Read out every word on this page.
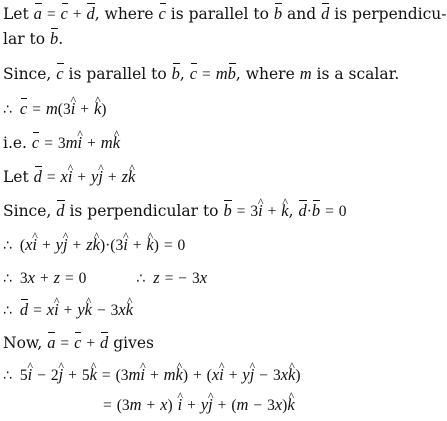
Let a = c + d, where c is parallel to b and d is perpendicu-
lar to b.
Since, c is parallel to b, c = mb, where m is a scalar.
∴ c = m(3^ i + ^ k)
i.e. c = 3m^ i + m^ k
Let d = x^ i + y^ j + z^ k
Since, d is perpendicular to b = 3^ i + ^ k, d·b = 0
∴ (x^ i + y^ j + z^ k)·(3^ i + ^ k) = 0
∴ 3x + z = 0	∴ z = − 3x
∴ d = x^ i + y^ k − 3x^ k
Now, a = c + d gives
∴ 5^ i − 2^ j + 5^ k = (3m^ i + m^ k) + (x^ i + y^ j − 3x^ k)
= (3m + x) ^ i + y^ j + (m − 3x)^ k
